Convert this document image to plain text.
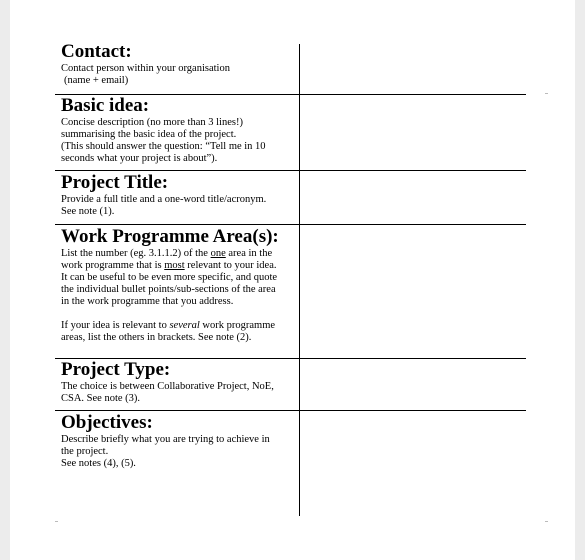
Contact:
Contact person within your organisation
(name + email)
Basic idea:
Concise description (no more than 3 lines!)
summarising the basic idea of the project.
(This should answer the question: “Tell me in 10
seconds what your project is about”).
Project Title:
Provide a full title and a one-word title/acronym.
See note (1).
Work Programme Area(s):
List the number (eg. 3.1.1.2) of the one area in the
work programme that is most relevant to your idea.
It can be useful to be even more specific, and quote
the individual bullet points/sub-sections of the area
in the work programme that you address.
If your idea is relevant to several work programme
areas, list the others in brackets. See note (2).
Project Type:
The choice is between Collaborative Project, NoE,
CSA. See note (3).
Objectives:
Describe briefly what you are trying to achieve in
the project.
See notes (4), (5).
